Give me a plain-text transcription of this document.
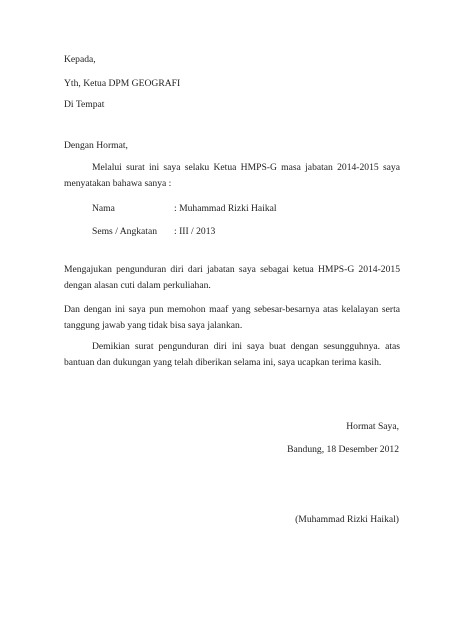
Kepada,
Yth, Ketua DPM GEOGRAFI
Di Tempat
Dengan Hormat,
Melalui surat ini saya selaku Ketua HMPS-G masa jabatan 2014-2015 saya menyatakan bahawa sanya :
Nama	: Muhammad Rizki Haikal
Sems / Angkatan : III / 2013
Mengajukan pengunduran diri dari jabatan saya sebagai ketua HMPS-G 2014-2015 dengan alasan cuti dalam perkuliahan.
Dan dengan ini saya pun memohon maaf yang sebesar-besarnya atas kelalayan serta tanggung jawab yang tidak bisa saya jalankan.
Demikian surat pengunduran diri ini saya buat dengan sesungguhnya. atas bantuan dan dukungan yang telah diberikan selama ini, saya ucapkan terima kasih.
Hormat Saya,
Bandung, 18 Desember 2012
(Muhammad Rizki Haikal)
